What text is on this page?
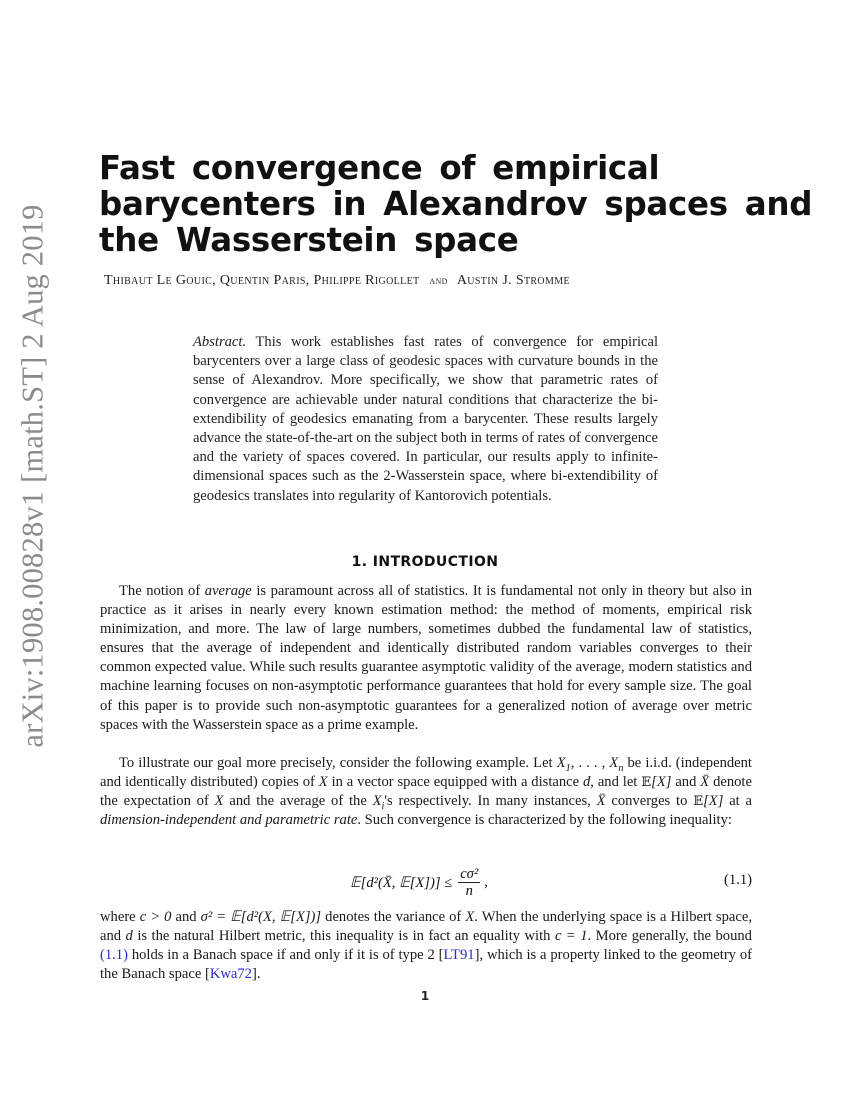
arXiv:1908.00828v1 [math.ST] 2 Aug 2019
Fast convergence of empirical
barycenters in Alexandrov spaces and
the Wasserstein space
Thibaut Le Gouic, Quentin Paris, Philippe Rigollet and Austin J. Stromme
Abstract. This work establishes fast rates of convergence for empirical barycenters over a large class of geodesic spaces with curvature bounds in the sense of Alexandrov. More specifically, we show that parametric rates of convergence are achievable under natural conditions that characterize the bi-extendibility of geodesics emanating from a barycenter. These results largely advance the state-of-the-art on the subject both in terms of rates of convergence and the variety of spaces covered. In particular, our results apply to infinite-dimensional spaces such as the 2-Wasserstein space, where bi-extendibility of geodesics translates into regularity of Kantorovich potentials.
1. INTRODUCTION

The notion of average is paramount across all of statistics. It is fundamental not only in theory but also in practice as it arises in nearly every known estimation method: the method of moments, empirical risk minimization, and more. The law of large numbers, sometimes dubbed the fundamental law of statistics, ensures that the average of independent and identically distributed random variables converges to their common expected value. While such results guarantee asymptotic validity of the average, modern statistics and machine learning focuses on non-asymptotic performance guarantees that hold for every sample size. The goal of this paper is to provide such non-asymptotic guarantees for a generalized notion of average over metric spaces with the Wasserstein space as a prime example.

To illustrate our goal more precisely, consider the following example. Let $X_1$, . . . , $X_n$ be i.i.d. (independent and identically distributed) copies of X in a vector space equipped with a distance d, and let 𝔼[X] and X̄ denote the expectation of X and the average of the $X_i's$ respectively. In many instances, X̄ converges to 𝔼[X] at a dimension-independent and parametric rate. Such convergence is characterized by the following inequality:

𝔼[d²(X̄, 𝔼[X])] ≤ $\frac{\text{cσ²}}{n}$ ,	(1.1)

where c > 0 and σ² = 𝔼[d²(X, 𝔼[X])] denotes the variance of X. When the underlying space is a Hilbert space, and d is the natural Hilbert metric, this inequality is in fact an equality with c = 1. More generally, the bound (1.1) holds in a Banach space if and only if it is of type 2 [LT91], which is a property linked to the geometry of the Banach space [Kwa72].

1
